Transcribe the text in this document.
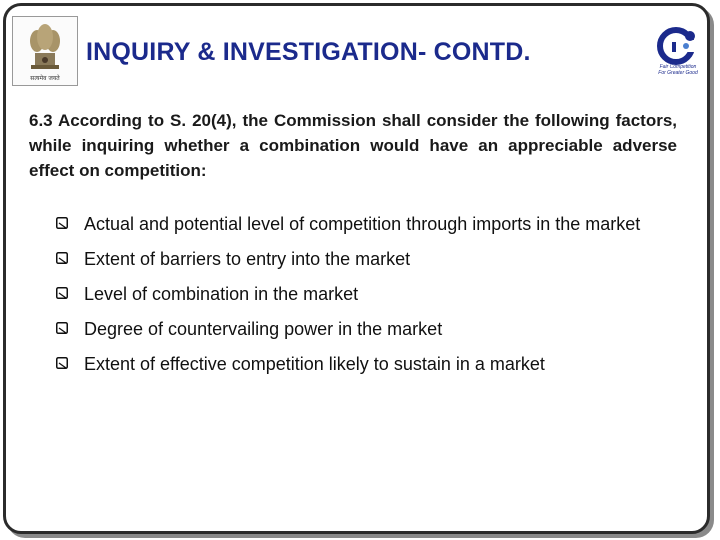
सत्यमेव जयते
INQUIRY & INVESTIGATION- CONTD.
Fair Competition
For Greater Good
6.3 According to S. 20(4), the Commission shall consider the following factors, while inquiring whether a combination would have an appreciable adverse effect on competition:
Actual and potential level of competition through imports in the market
Extent of barriers to entry into the market
Level of combination in the market
Degree of countervailing power in the market
Extent of effective competition likely to sustain in a market
